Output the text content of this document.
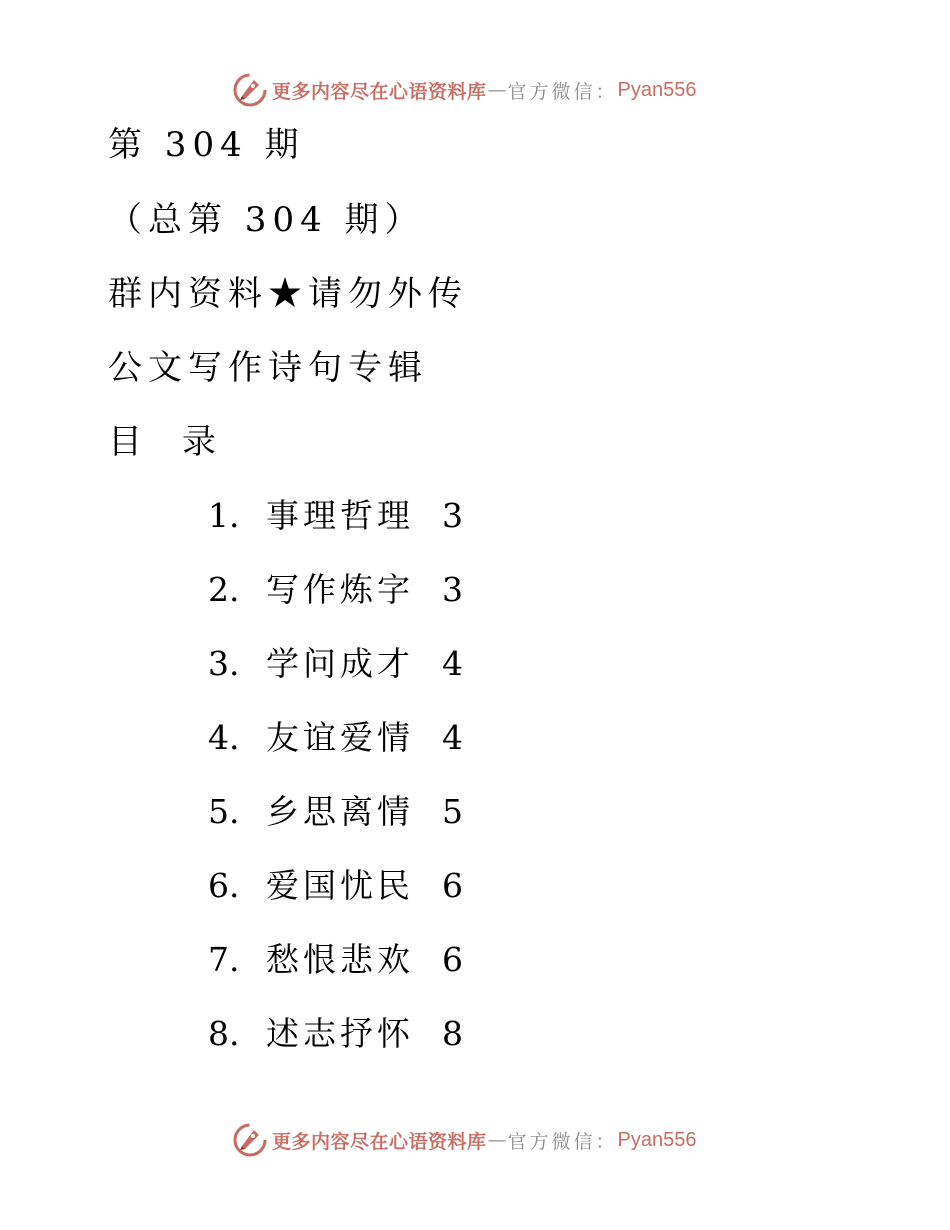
更多内容尽在心语资料库 — 官方微信： Pyan556
第 304 期
（总第 304 期）
群内资料★请勿外传
公文写作诗句专辑
目 录
1. 事理哲理 3
2. 写作炼字 3
3. 学问成才 4
4. 友谊爱情 4
5. 乡思离情 5
6. 爱国忧民 6
7. 愁恨悲欢 6
8. 述志抒怀 8
更多内容尽在心语资料库 — 官方微信： Pyan556
